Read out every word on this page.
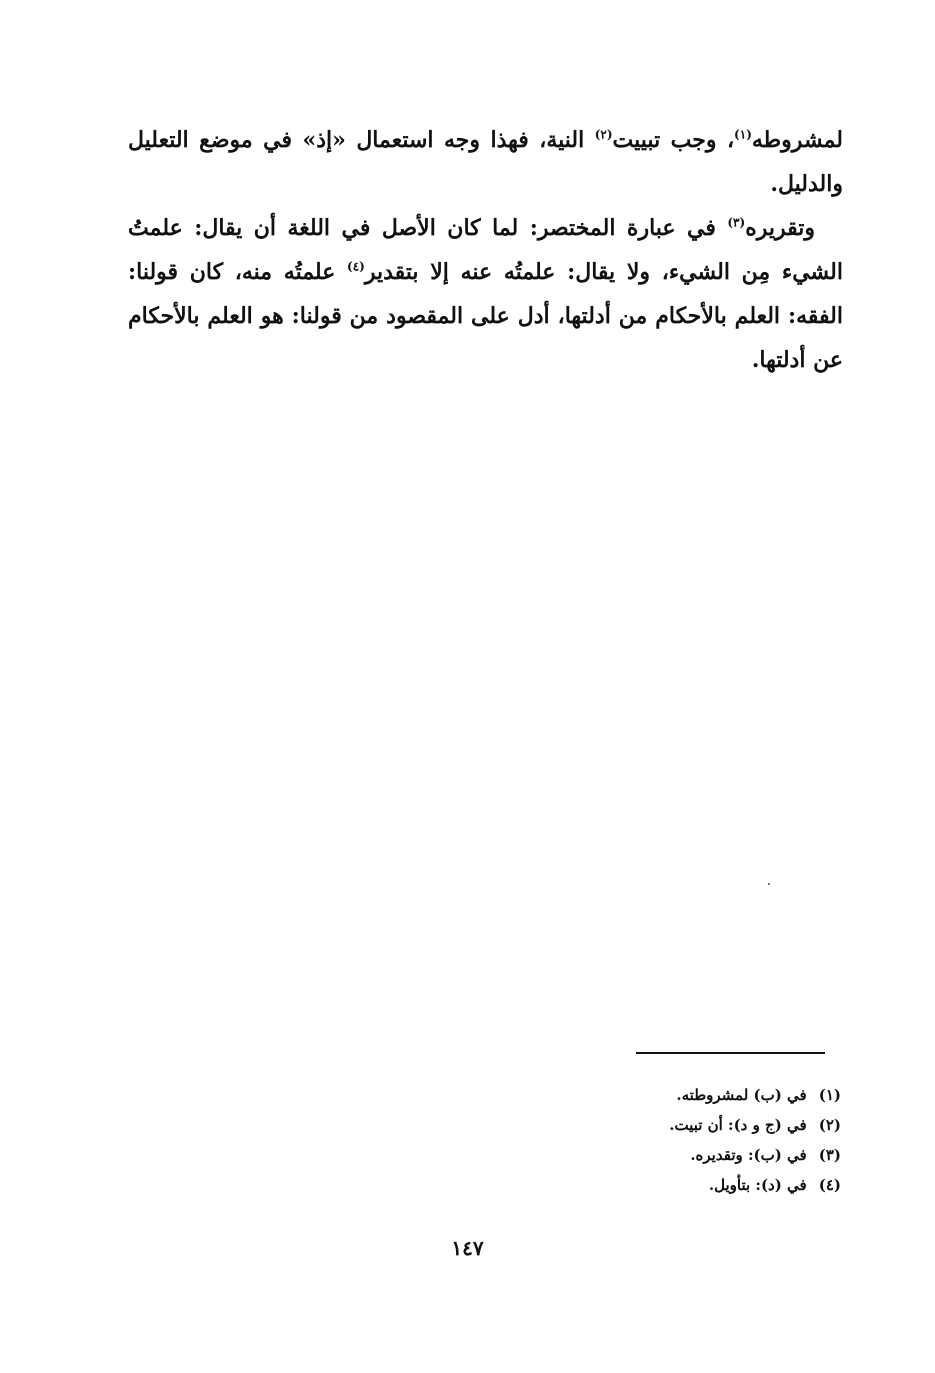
لمشروطه$^{(١)}$، وجب تبييت$^{(٢)}$ النية، فهذا وجه استعمال «إذ» في موضع التعليل والدليل.

وتقريره$^{(٣)}$ في عبارة المختصر: لما كان الأصل في اللغة أن يقال: علمتُ الشيء مِن الشيء، ولا يقال: علمتُه عنه إلا بتقدير$^{(٤)}$ علمتُه منه، كان قولنا: الفقه: العلم بالأحكام من أدلتها، أدل على المقصود من قولنا: هو العلم بالأحكام عن أدلتها.

(١)في (ب) لمشروطته.
(٢)في (ج و د): أن تبيت.
(٣)في (ب): وتقديره.
(٤)في (د): بتأويل.
١٤٧
